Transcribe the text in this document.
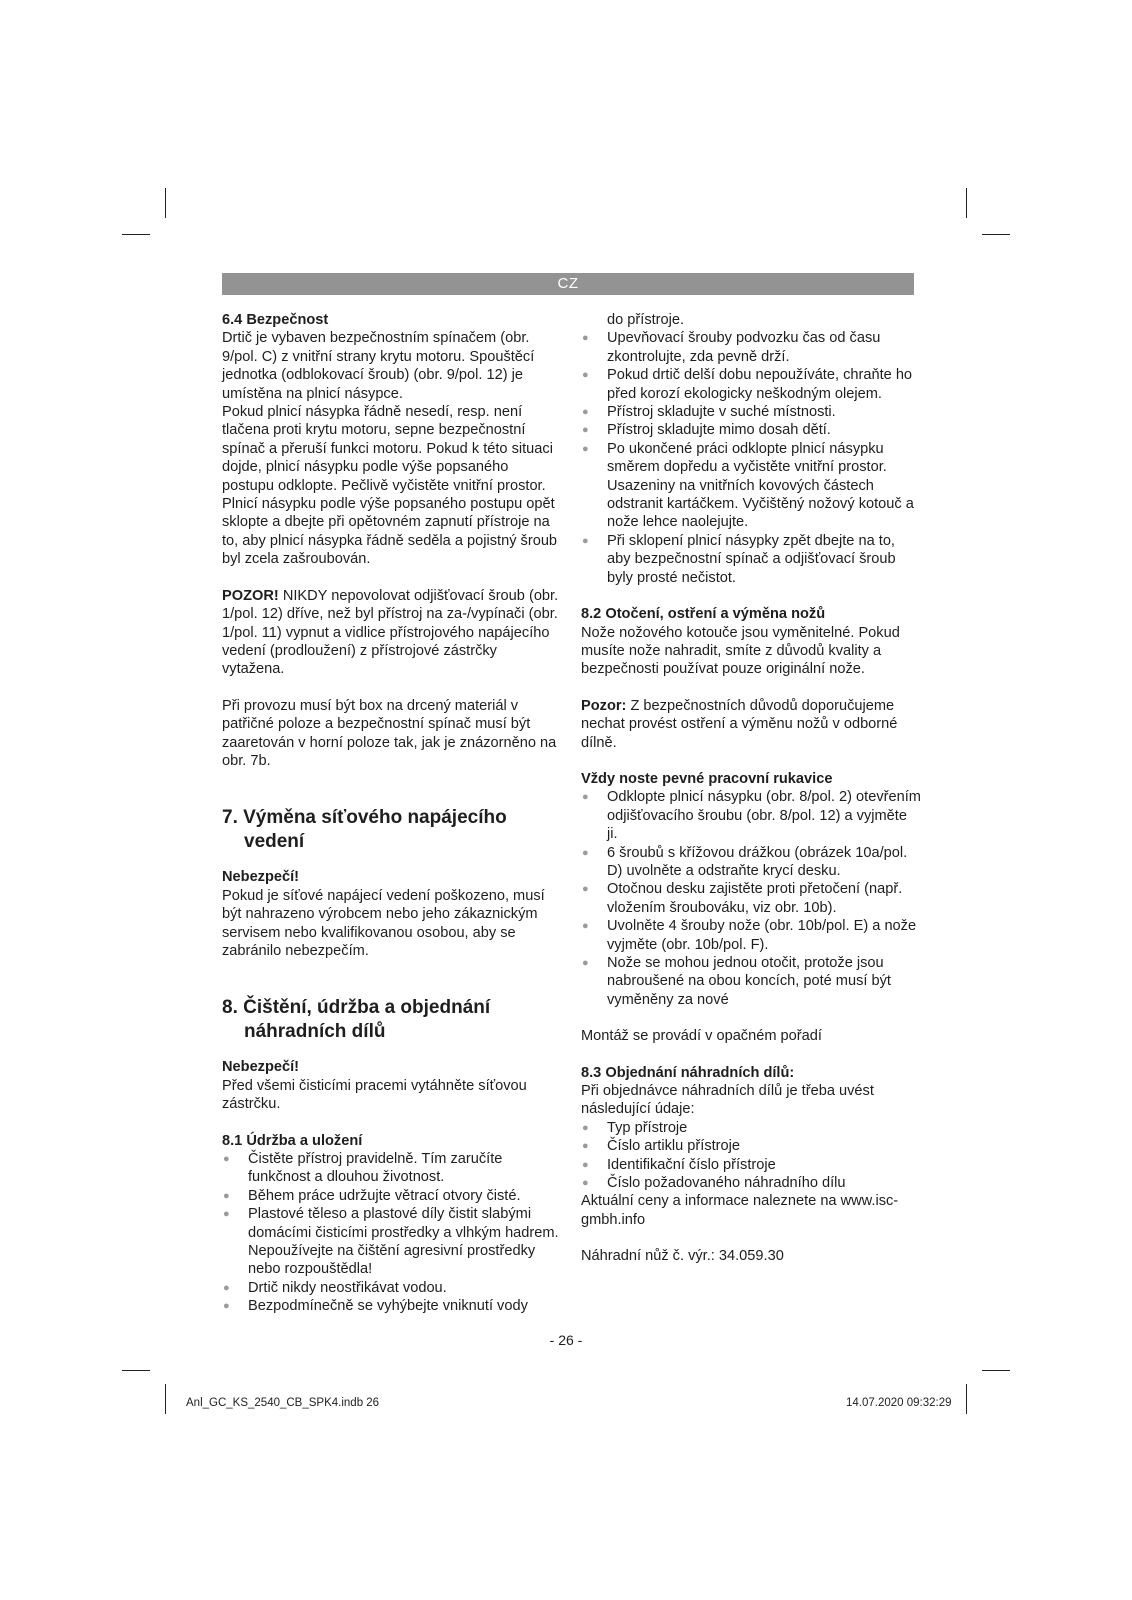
CZ

6.4 Bezpečnost

Drtič je vybaven bezpečnostním spínačem (obr. 9/pol. C) z vnitřní strany krytu motoru. Spouštěcí jednotka (odblokovací šroub) (obr. 9/pol. 12) je umístěna na plnicí násypce.

Pokud plnicí násypka řádně nesedí, resp. není tlačena proti krytu motoru, sepne bezpečnostní spínač a přeruší funkci motoru. Pokud k této situaci dojde, plnicí násypku podle výše popsaného postupu odklopte. Pečlivě vyčistěte vnitřní prostor. Plnicí násypku podle výše popsaného postupu opět sklopte a dbejte při opětovném zapnutí přístroje na to, aby plnicí násypka řádně seděla a pojistný šroub byl zcela zašroubován.

POZOR! NIKDY nepovolovat odjišťovací šroub (obr. 1/pol. 12) dříve, než byl přístroj na za-/vypínači (obr. 1/pol. 11) vypnut a vidlice přístrojového napájecího vedení (prodloužení) z přístrojové zástrčky vytažena.

Při provozu musí být box na drcený materiál v patřičné poloze a bezpečnostní spínač musí být zaaretován v horní poloze tak, jak je znázorněno na obr. 7b.

7. Výměna síťového napájecího vedení

Nebezpečí!

Pokud je síťové napájecí vedení poškozeno, musí být nahrazeno výrobcem nebo jeho zákaznickým servisem nebo kvalifikovanou osobou, aby se zabránilo nebezpečím.

8. Čištění, údržba a objednání náhradních dílů

Nebezpečí!

Před všemi čisticími pracemi vytáhněte síťovou zástrčku.

8.1 Údržba a uložení

● Čistěte přístroj pravidelně. Tím zaručíte funkčnost a dlouhou životnost.
● Během práce udržujte větrací otvory čisté.
● Plastové těleso a plastové díly čistit slabými domácími čisticími prostředky a vlhkým hadrem. Nepoužívejte na čištění agresivní prostředky nebo rozpouštědla!
● Drtič nikdy neostřikávat vodou.
● Bezpodmínečně se vyhýbejte vniknutí vody

do přístroje.

● Upevňovací šrouby podvozku čas od času zkontrolujte, zda pevně drží.
● Pokud drtič delší dobu nepoužíváte, chraňte ho před korozí ekologicky neškodným olejem.
● Přístroj skladujte v suché místnosti.
● Přístroj skladujte mimo dosah dětí.
● Po ukončené práci odklopte plnicí násypku směrem dopředu a vyčistěte vnitřní prostor. Usazeniny na vnitřních kovových částech odstranit kartáčkem. Vyčištěný nožový kotouč a nože lehce naolejujte.
● Při sklopení plnicí násypky zpět dbejte na to, aby bezpečnostní spínač a odjišťovací šroub byly prosté nečistot.

8.2 Otočení, ostření a výměna nožů

Nože nožového kotouče jsou vyměnitelné. Pokud musíte nože nahradit, smíte z důvodů kvality a bezpečnosti používat pouze originální nože.

Pozor: Z bezpečnostních důvodů doporučujeme nechat provést ostření a výměnu nožů v odborné dílně.

Vždy noste pevné pracovní rukavice

● Odklopte plnicí násypku (obr. 8/pol. 2) otevřením odjišťovacího šroubu (obr. 8/pol. 12) a vyjměte ji.
● 6 šroubů s křížovou drážkou (obrázek 10a/pol. D) uvolněte a odstraňte krycí desku.
● Otočnou desku zajistěte proti přetočení (např. vložením šroubováku, viz obr. 10b).
● Uvolněte 4 šrouby nože (obr. 10b/pol. E) a nože vyjměte (obr. 10b/pol. F).
● Nože se mohou jednou otočit, protože jsou nabroušené na obou koncích, poté musí být vyměněny za nové

Montáž se provádí v opačném pořadí

8.3 Objednání náhradních dílů:

Při objednávce náhradních dílů je třeba uvést následující údaje:

● Typ přístroje
● Číslo artiklu přístroje
● Identifikační číslo přístroje
● Číslo požadovaného náhradního dílu

Aktuální ceny a informace naleznete na www.isc-gmbh.info

Náhradní nůž č. výr.: 34.059.30

- 26 -
Anl_GC_KS_2540_CB_SPK4.indb 26	14.07.2020 09:32:29
